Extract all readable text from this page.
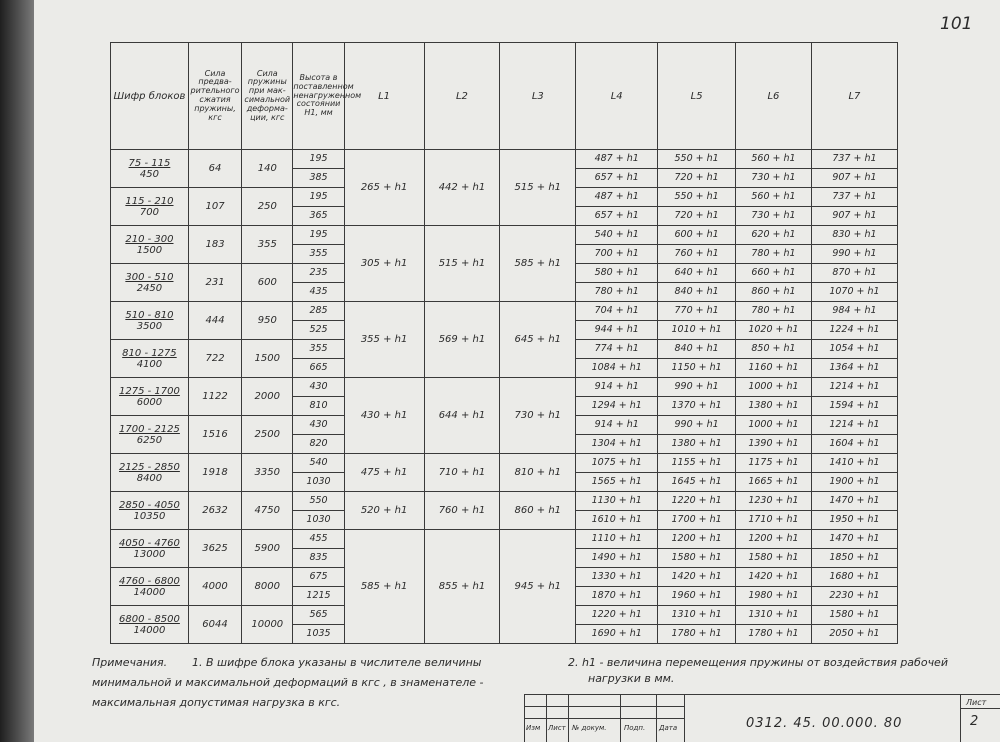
101
Шифр блоков	Сила предва-рительного сжатия пружины, кгс	Сила пружины при мак-симальной деформа-ции, кгс	Высота в поставленном ненагруженном состоянии H1, мм	L1	L2	L3	L4	L5	L6	L7

75 - 115
450	64	140	195	265 + h1	442 + h1	515 + h1	487 + h1	550 + h1	560 + h1	737 + h1
			385				657 + h1	720 + h1	730 + h1	907 + h1

115 - 210
700	107	250	195				487 + h1	550 + h1	560 + h1	737 + h1
			365				657 + h1	720 + h1	730 + h1	907 + h1

210 - 300
1500	183	355	195	305 + h1	515 + h1	585 + h1	540 + h1	600 + h1	620 + h1	830 + h1
			355				700 + h1	760 + h1	780 + h1	990 + h1

300 - 510
2450	231	600	235				580 + h1	640 + h1	660 + h1	870 + h1
			435				780 + h1	840 + h1	860 + h1	1070 + h1

510 - 810
3500	444	950	285	355 + h1	569 + h1	645 + h1	704 + h1	770 + h1	780 + h1	984 + h1
			525				944 + h1	1010 + h1	1020 + h1	1224 + h1

810 - 1275
4100	722	1500	355				774 + h1	840 + h1	850 + h1	1054 + h1
			665				1084 + h1	1150 + h1	1160 + h1	1364 + h1

1275 - 1700
6000	1122	2000	430	430 + h1	644 + h1	730 + h1	914 + h1	990 + h1	1000 + h1	1214 + h1
			810				1294 + h1	1370 + h1	1380 + h1	1594 + h1

1700 - 2125
6250	1516	2500	430				914 + h1	990 + h1	1000 + h1	1214 + h1
			820				1304 + h1	1380 + h1	1390 + h1	1604 + h1

2125 - 2850
8400	1918	3350	540	475 + h1	710 + h1	810 + h1	1075 + h1	1155 + h1	1175 + h1	1410 + h1
			1030				1565 + h1	1645 + h1	1665 + h1	1900 + h1

2850 - 4050
10350	2632	4750	550	520 + h1	760 + h1	860 + h1	1130 + h1	1220 + h1	1230 + h1	1470 + h1
			1030				1610 + h1	1700 + h1	1710 + h1	1950 + h1

4050 - 4760
13000	3625	5900	455	585 + h1	855 + h1	945 + h1	1110 + h1	1200 + h1	1200 + h1	1470 + h1
			835				1490 + h1	1580 + h1	1580 + h1	1850 + h1

4760 - 6800
14000	4000	8000	675				1330 + h1	1420 + h1	1420 + h1	1680 + h1
			1215				1870 + h1	1960 + h1	1980 + h1	2230 + h1

6800 - 8500
14000	6044	10000	565				1220 + h1	1310 + h1	1310 + h1	1580 + h1
			1035				1690 + h1	1780 + h1	1780 + h1	2050 + h1
Примечания. 1. В шифре блока указаны в числителе величины
минимальной и максимальной деформаций в кгс , в знаменателе -
максимальная допустимая нагрузка в кгс.
2. h1 - величина перемещения пружины от воздействия рабочей
нагрузки в мм.
Изм Лист № докум. Подп. Дата	0312. 45. 00.000. 80
Лист
2
